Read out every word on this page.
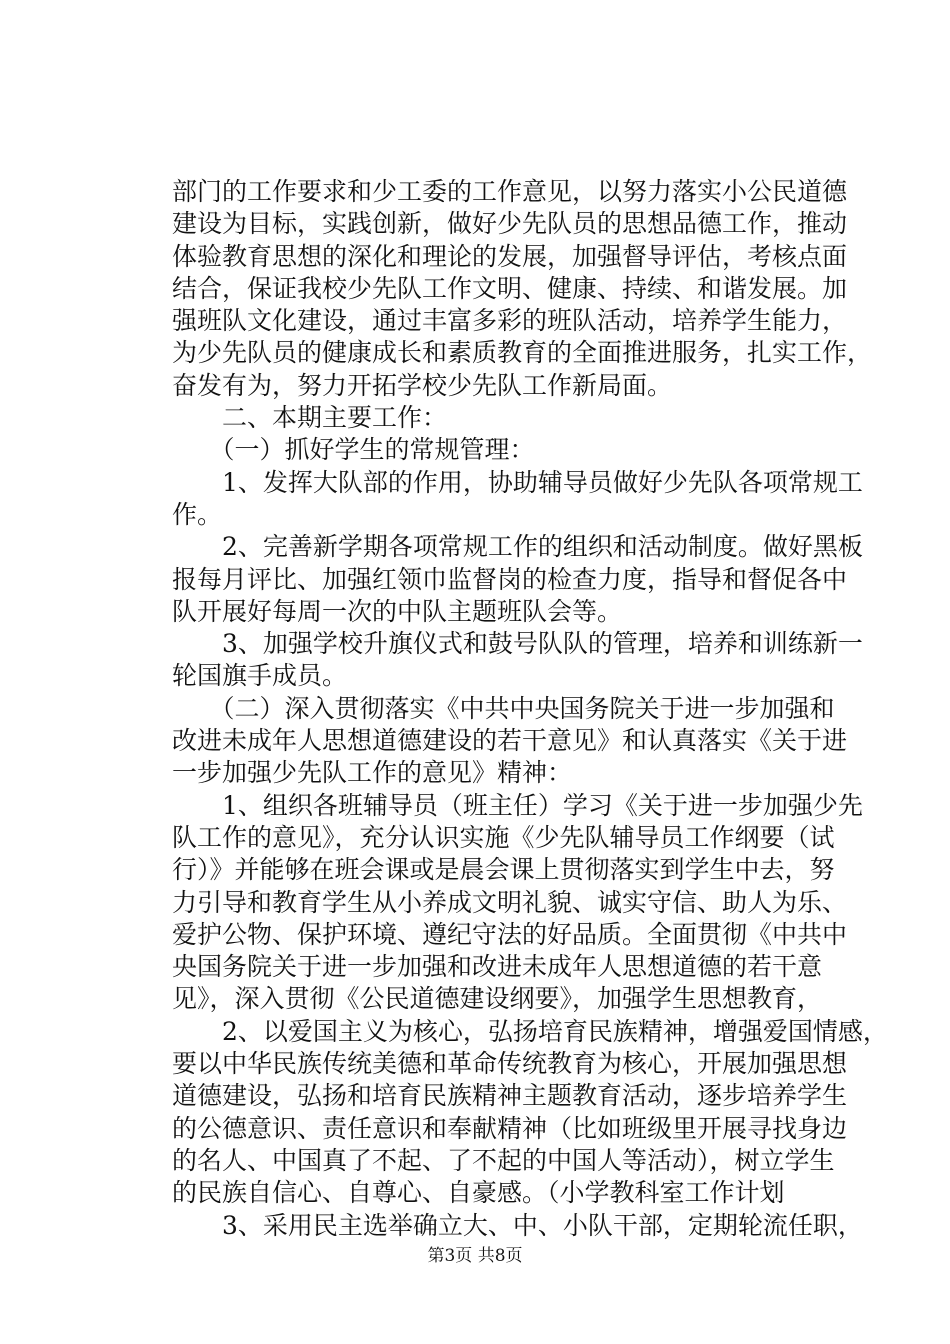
部门的工作要求和少工委的工作意见，以努力落实小公民道德
建设为目标，实践创新，做好少先队员的思想品德工作，推动
体验教育思想的深化和理论的发展，加强督导评估，考核点面
结合，保证我校少先队工作文明、健康、持续、和谐发展。加
强班队文化建设，通过丰富多彩的班队活动，培养学生能力，
为少先队员的健康成长和素质教育的全面推进服务，扎实工作，
奋发有为，努力开拓学校少先队工作新局面。
　　二、本期主要工作：
　　（一）抓好学生的常规管理：
　　1、发挥大队部的作用，协助辅导员做好少先队各项常规工
作。
　　2、完善新学期各项常规工作的组织和活动制度。做好黑板
报每月评比、加强红领巾监督岗的检查力度，指导和督促各中
队开展好每周一次的中队主题班队会等。
　　3、加强学校升旗仪式和鼓号队队的管理，培养和训练新一
轮国旗手成员。
　　（二）深入贯彻落实《中共中央国务院关于进一步加强和
改进未成年人思想道德建设的若干意见》和认真落实《关于进
一步加强少先队工作的意见》精神：
　　1、组织各班辅导员（班主任）学习《关于进一步加强少先
队工作的意见》，充分认识实施《少先队辅导员工作纲要（试
行）》并能够在班会课或是晨会课上贯彻落实到学生中去，努
力引导和教育学生从小养成文明礼貌、诚实守信、助人为乐、
爱护公物、保护环境、遵纪守法的好品质。全面贯彻《中共中
央国务院关于进一步加强和改进未成年人思想道德的若干意
见》，深入贯彻《公民道德建设纲要》，加强学生思想教育，
　　2、以爱国主义为核心，弘扬培育民族精神，增强爱国情感，
要以中华民族传统美德和革命传统教育为核心，开展加强思想
道德建设，弘扬和培育民族精神主题教育活动，逐步培养学生
的公德意识、责任意识和奉献精神（比如班级里开展寻找身边
的名人、中国真了不起、了不起的中国人等活动），树立学生
的民族自信心、自尊心、自豪感。（小学教科室工作计划
　　3、采用民主选举确立大、中、小队干部，定期轮流任职，
第3页 共8页
